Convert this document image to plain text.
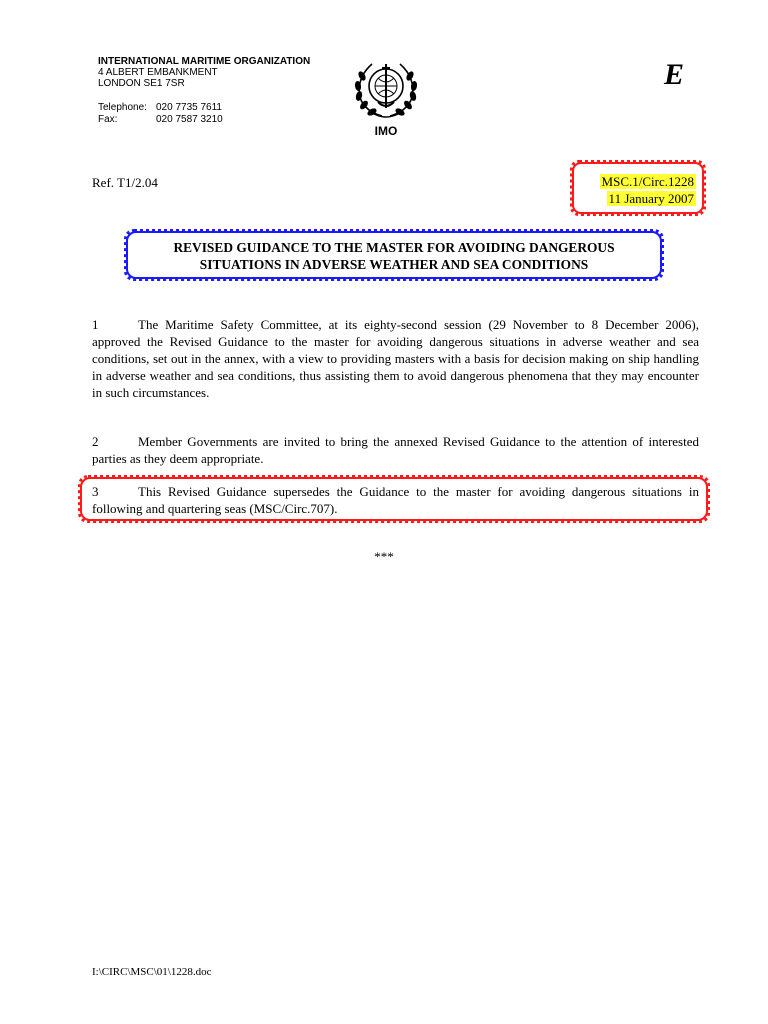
INTERNATIONAL MARITIME ORGANIZATION
4 ALBERT EMBANKMENT
LONDON SE1 7SR
Telephone: 020 7735 7611
Fax:	020 7587 3210
IMO
E
Ref. T1/2.04	MSC.1/Circ.1228
11 January 2007
REVISED GUIDANCE TO THE MASTER FOR AVOIDING DANGEROUS
SITUATIONS IN ADVERSE WEATHER AND SEA CONDITIONS
1	The Maritime Safety Committee, at its eighty-second session (29 November to 8 December 2006), approved the Revised Guidance to the master for avoiding dangerous situations in adverse weather and sea conditions, set out in the annex, with a view to providing masters with a basis for decision making on ship handling in adverse weather and sea conditions, thus assisting them to avoid dangerous phenomena that they may encounter in such circumstances.
2	Member Governments are invited to bring the annexed Revised Guidance to the attention of interested parties as they deem appropriate.
3	This Revised Guidance supersedes the Guidance to the master for avoiding dangerous situations in following and quartering seas (MSC/Circ.707).
***
I:\CIRC\MSC\01\1228.doc
